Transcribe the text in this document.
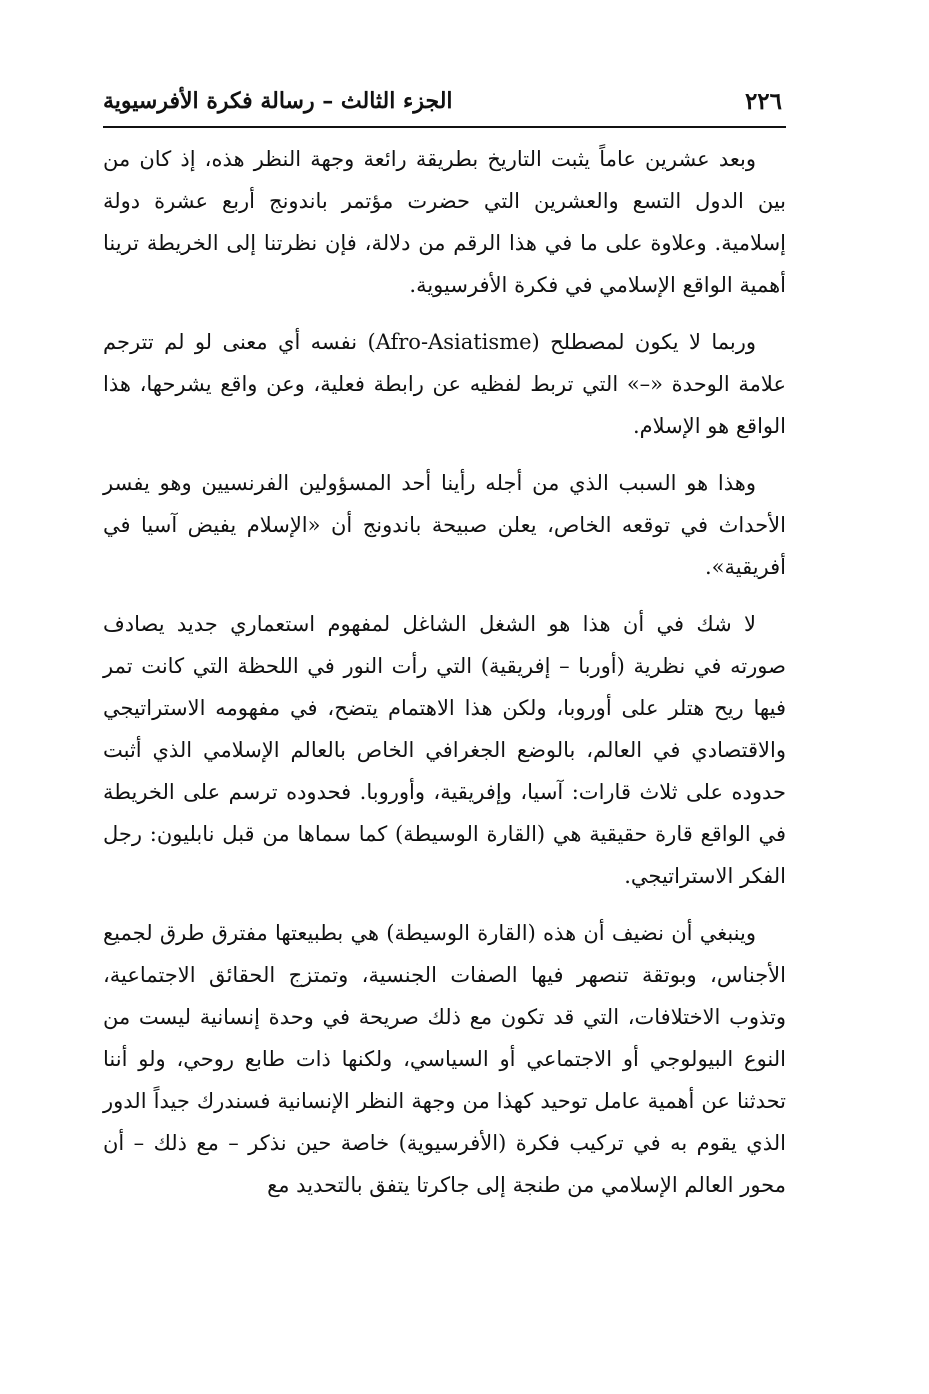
٢٢٦
الجزء الثالث – رسالة فكرة الأفرسيوية

وبعد عشرين عاماً يثبت التاريخ بطريقة رائعة وجهة النظر هذه، إذ كان من بين الدول التسع والعشرين التي حضرت مؤتمر باندونج أربع عشرة دولة إسلامية. وعلاوة على ما في هذا الرقم من دلالة، فإن نظرتنا إلى الخريطة ترينا أهمية الواقع الإسلامي في فكرة الأفرسيوية.

وربما لا يكون لمصطلح (Afro-Asiatisme) نفسه أي معنى لو لم تترجم علامة الوحدة «–» التي تربط لفظيه عن رابطة فعلية، وعن واقع يشرحها، هذا الواقع هو الإسلام.

وهذا هو السبب الذي من أجله رأينا أحد المسؤولين الفرنسيين وهو يفسر الأحداث في توقعه الخاص، يعلن صبيحة باندونج أن «الإسلام يفيض آسيا في أفريقية».

لا شك في أن هذا هو الشغل الشاغل لمفهوم استعماري جديد يصادف صورته في نظرية (أوربا – إفريقية) التي رأت النور في اللحظة التي كانت تمر فيها ريح هتلر على أوروبا، ولكن هذا الاهتمام يتضح، في مفهومه الاستراتيجي والاقتصادي في العالم، بالوضع الجغرافي الخاص بالعالم الإسلامي الذي أثبت حدوده على ثلاث قارات: آسيا، وإفريقية، وأوروبا. فحدوده ترسم على الخريطة في الواقع قارة حقيقية هي (القارة الوسيطة) كما سماها من قبل نابليون: رجل الفكر الاستراتيجي.

وينبغي أن نضيف أن هذه (القارة الوسيطة) هي بطبيعتها مفترق طرق لجميع الأجناس، وبوتقة تنصهر فيها الصفات الجنسية، وتمتزج الحقائق الاجتماعية، وتذوب الاختلافات، التي قد تكون مع ذلك صريحة في وحدة إنسانية ليست من النوع البيولوجي أو الاجتماعي أو السياسي، ولكنها ذات طابع روحي، ولو أننا تحدثنا عن أهمية عامل توحيد كهذا من وجهة النظر الإنسانية فسندرك جيداً الدور الذي يقوم به في تركيب فكرة (الأفرسيوية) خاصة حين نذكر – مع ذلك – أن محور العالم الإسلامي من طنجة إلى جاكرتا يتفق بالتحديد مع
